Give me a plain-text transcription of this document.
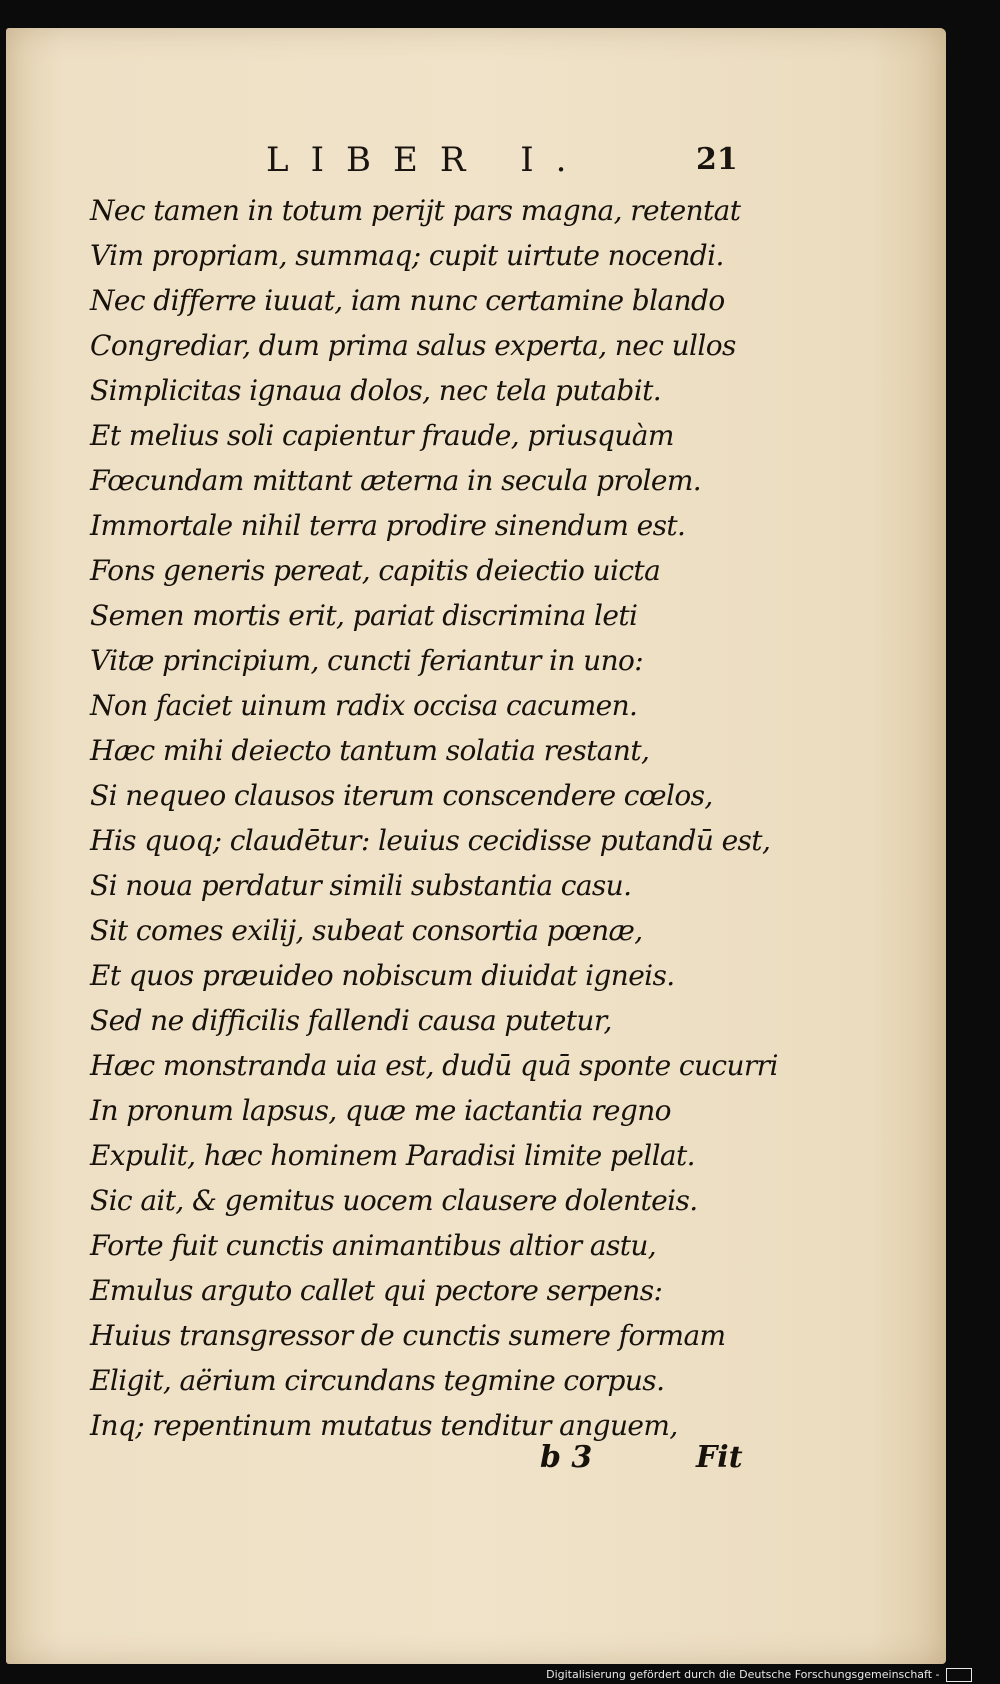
LIBER I.	21
Nec tamen in totum perijt pars magna, retentat
Vim propriam, summaq; cupit uirtute nocendi.
Nec differre iuuat, iam nunc certamine blando
Congrediar, dum prima salus experta, nec ullos
Simplicitas ignaua dolos, nec tela putabit.
Et melius soli capientur fraude, priusquàm
Fœcundam mittant æterna in secula prolem.
Immortale nihil terra prodire sinendum est.
Fons generis pereat, capitis deiectio uicta
Semen mortis erit, pariat discrimina leti
Vitæ principium, cuncti feriantur in uno:
Non faciet uinum radix occisa cacumen.
Hæc mihi deiecto tantum solatia restant,
Si nequeo clausos iterum conscendere cœlos,
His quoq; claudētur: leuius cecidisse putandū est,
Si noua perdatur simili substantia casu.
Sit comes exilij, subeat consortia pœnæ,
Et quos præuideo nobiscum diuidat igneis.
Sed ne difficilis fallendi causa putetur,
Hæc monstranda uia est, dudū quā sponte cucurri
In pronum lapsus, quæ me iactantia regno
Expulit, hæc hominem Paradisi limite pellat.
Sic ait, & gemitus uocem clausere dolenteis.
Forte fuit cunctis animantibus altior astu,
Emulus arguto callet qui pectore serpens:
Huius transgressor de cunctis sumere formam
Eligit, aërium circundans tegmine corpus.
Inq; repentinum mutatus tenditur anguem,
b 3	Fit
Digitalisierung gefördert durch die Deutsche Forschungsgemeinschaft -
